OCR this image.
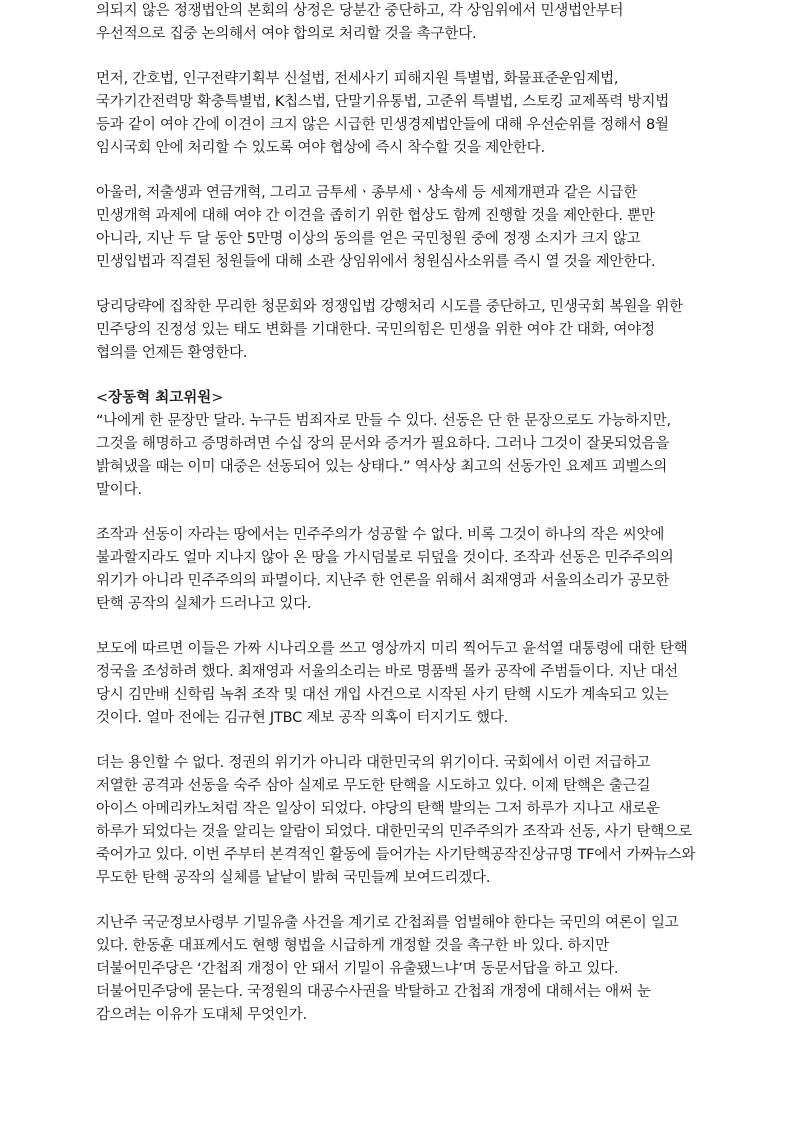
의되지 않은 정쟁법안의 본회의 상정은 당분간 중단하고, 각 상임위에서 민생법안부터 우선적으로 집중 논의해서 여야 합의로 처리할 것을 촉구한다.

먼저, 간호법, 인구전략기획부 신설법, 전세사기 피해지원 특별법, 화물표준운임제법, 국가기간전력망 확충특별법, K칩스법, 단말기유통법, 고준위 특별법, 스토킹 교제폭력 방지법 등과 같이 여야 간에 이견이 크지 않은 시급한 민생경제법안들에 대해 우선순위를 정해서 8월 임시국회 안에 처리할 수 있도록 여야 협상에 즉시 착수할 것을 제안한다.

아울러, 저출생과 연금개혁, 그리고 금투세ㆍ종부세ㆍ상속세 등 세제개편과 같은 시급한 민생개혁 과제에 대해 여야 간 이견을 좁히기 위한 협상도 함께 진행할 것을 제안한다. 뿐만 아니라, 지난 두 달 동안 5만명 이상의 동의를 얻은 국민청원 중에 정쟁 소지가 크지 않고 민생입법과 직결된 청원들에 대해 소관 상임위에서 청원심사소위를 즉시 열 것을 제안한다.

당리당략에 집착한 무리한 청문회와 정쟁입법 강행처리 시도를 중단하고, 민생국회 복원을 위한 민주당의 진정성 있는 태도 변화를 기대한다. 국민의힘은 민생을 위한 여야 간 대화, 여야정 협의를 언제든 환영한다.

<장동혁 최고위원>

“나에게 한 문장만 달라. 누구든 범죄자로 만들 수 있다. 선동은 단 한 문장으로도 가능하지만, 그것을 해명하고 증명하려면 수십 장의 문서와 증거가 필요하다. 그러나 그것이 잘못되었음을 밝혀냈을 때는 이미 대중은 선동되어 있는 상태다.” 역사상 최고의 선동가인 요제프 괴벨스의 말이다.

조작과 선동이 자라는 땅에서는 민주주의가 성공할 수 없다. 비록 그것이 하나의 작은 씨앗에 불과할지라도 얼마 지나지 않아 온 땅을 가시덤불로 뒤덮을 것이다. 조작과 선동은 민주주의의 위기가 아니라 민주주의의 파멸이다. 지난주 한 언론을 위해서 최재영과 서울의소리가 공모한 탄핵 공작의 실체가 드러나고 있다.

보도에 따르면 이들은 가짜 시나리오를 쓰고 영상까지 미리 찍어두고 윤석열 대통령에 대한 탄핵 정국을 조성하려 했다. 최재영과 서울의소리는 바로 명품백 몰카 공작에 주범들이다. 지난 대선 당시 김만배 신학림 녹취 조작 및 대선 개입 사건으로 시작된 사기 탄핵 시도가 계속되고 있는 것이다. 얼마 전에는 김규현 JTBC 제보 공작 의혹이 터지기도 했다.

더는 용인할 수 없다. 정권의 위기가 아니라 대한민국의 위기이다. 국회에서 이런 저급하고 저열한 공격과 선동을 숙주 삼아 실제로 무도한 탄핵을 시도하고 있다. 이제 탄핵은 출근길 아이스 아메리카노처럼 작은 일상이 되었다. 야당의 탄핵 발의는 그저 하루가 지나고 새로운 하루가 되었다는 것을 알리는 알람이 되었다. 대한민국의 민주주의가 조작과 선동, 사기 탄핵으로 죽어가고 있다. 이번 주부터 본격적인 활동에 들어가는 사기탄핵공작진상규명 TF에서 가짜뉴스와 무도한 탄핵 공작의 실체를 낱낱이 밝혀 국민들께 보여드리겠다.

지난주 국군정보사령부 기밀유출 사건을 계기로 간첩죄를 엄벌해야 한다는 국민의 여론이 일고 있다. 한동훈 대표께서도 현행 형법을 시급하게 개정할 것을 촉구한 바 있다. 하지만 더불어민주당은 ‘간첩죄 개정이 안 돼서 기밀이 유출됐느냐’며 동문서답을 하고 있다. 더불어민주당에 묻는다. 국정원의 대공수사권을 박탈하고 간첩죄 개정에 대해서는 애써 눈 감으려는 이유가 도대체 무엇인가.
